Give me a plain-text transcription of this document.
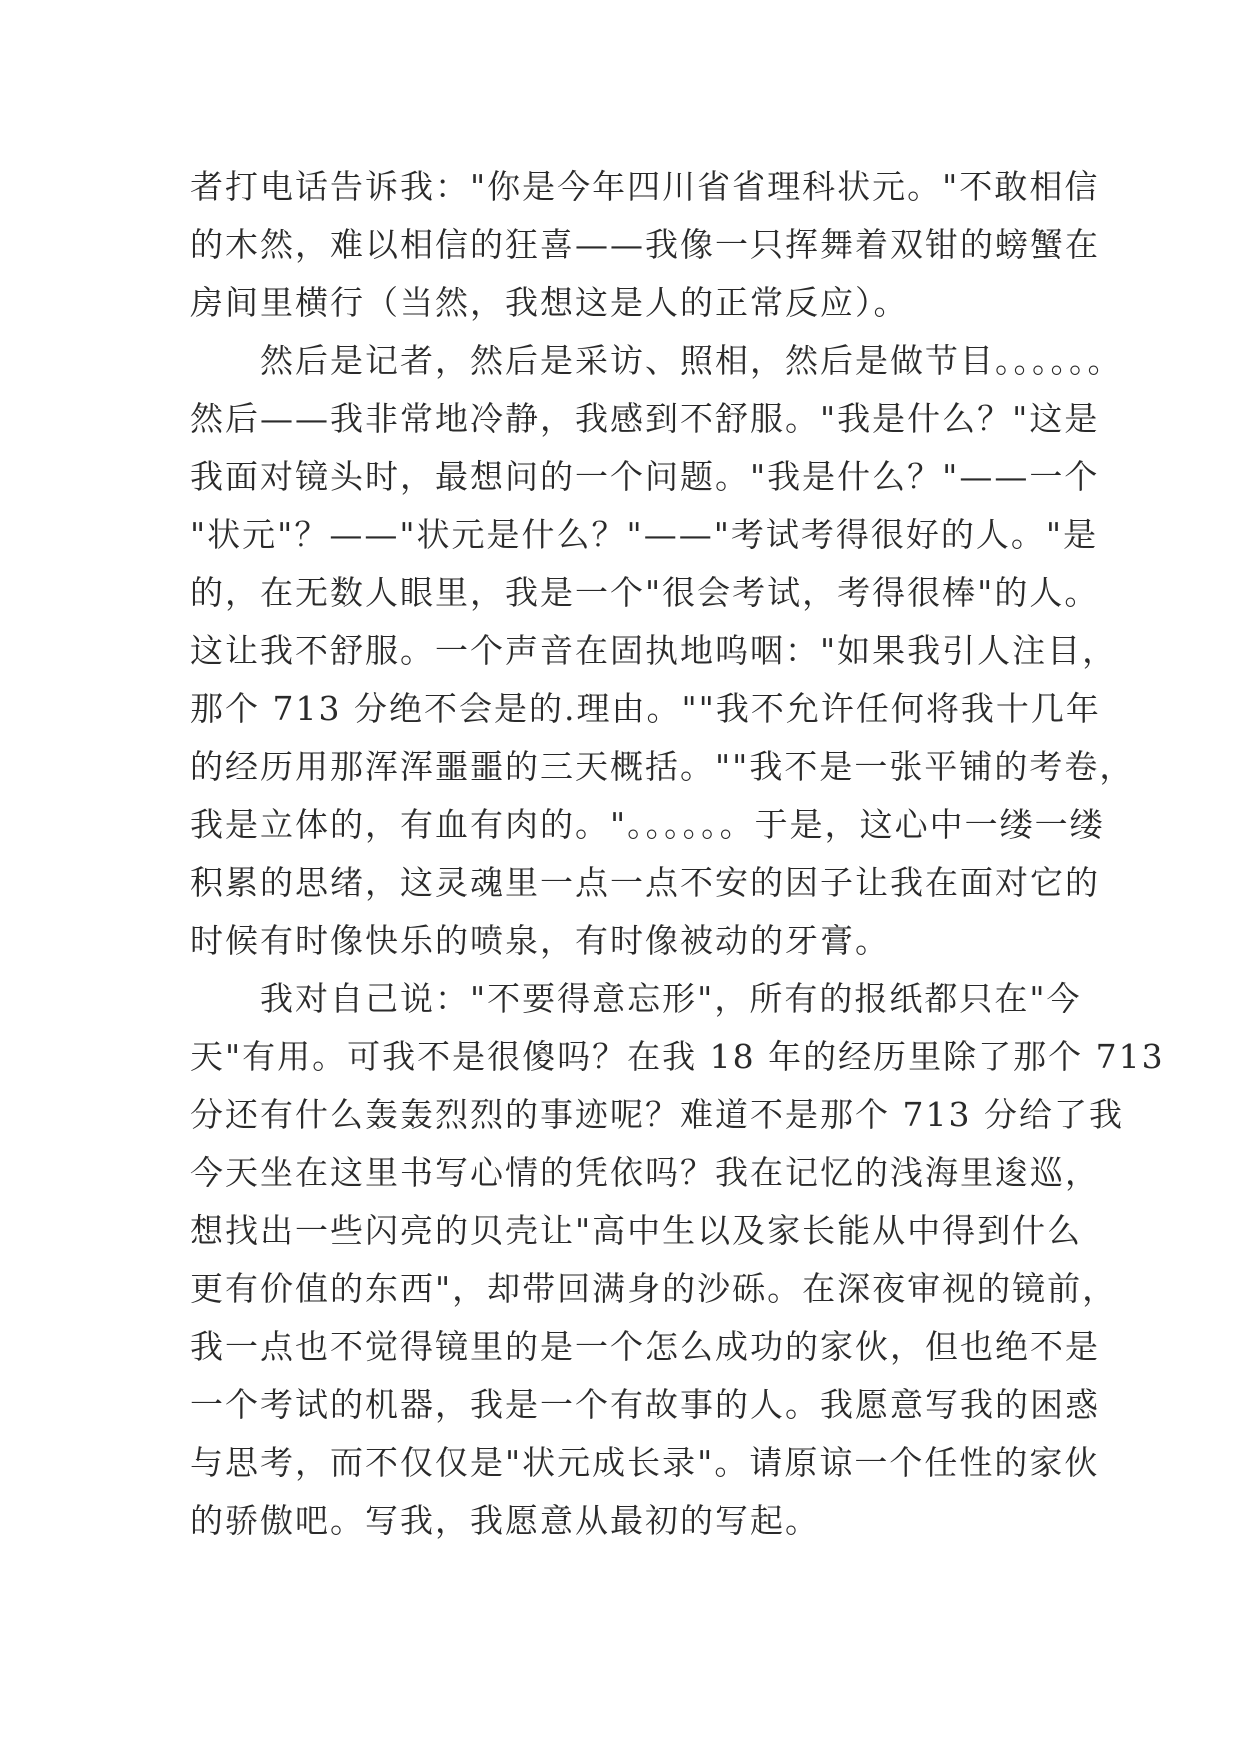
者打电话告诉我："你是今年四川省省理科状元。"不敢相信
的木然，难以相信的狂喜——我像一只挥舞着双钳的螃蟹在
房间里横行（当然，我想这是人的正常反应）。
然后是记者，然后是采访、照相，然后是做节目。。。。。。
然后——我非常地冷静，我感到不舒服。"我是什么？"这是
我面对镜头时，最想问的一个问题。"我是什么？"——一个
"状元"？——"状元是什么？"——"考试考得很好的人。"是
的，在无数人眼里，我是一个"很会考试，考得很棒"的人。
这让我不舒服。一个声音在固执地呜咽："如果我引人注目，
那个 713 分绝不会是的.理由。""我不允许任何将我十几年
的经历用那浑浑噩噩的三天概括。""我不是一张平铺的考卷，
我是立体的，有血有肉的。"。。。。。。于是，这心中一缕一缕
积累的思绪，这灵魂里一点一点不安的因子让我在面对它的
时候有时像快乐的喷泉，有时像被动的牙膏。
我对自己说："不要得意忘形"，所有的报纸都只在"今
天"有用。可我不是很傻吗？在我 18 年的经历里除了那个 713
分还有什么轰轰烈烈的事迹呢？难道不是那个 713 分给了我
今天坐在这里书写心情的凭依吗？我在记忆的浅海里逡巡，
想找出一些闪亮的贝壳让"高中生以及家长能从中得到什么
更有价值的东西"，却带回满身的沙砾。在深夜审视的镜前，
我一点也不觉得镜里的是一个怎么成功的家伙，但也绝不是
一个考试的机器，我是一个有故事的人。我愿意写我的困惑
与思考，而不仅仅是"状元成长录"。请原谅一个任性的家伙
的骄傲吧。写我，我愿意从最初的写起。
